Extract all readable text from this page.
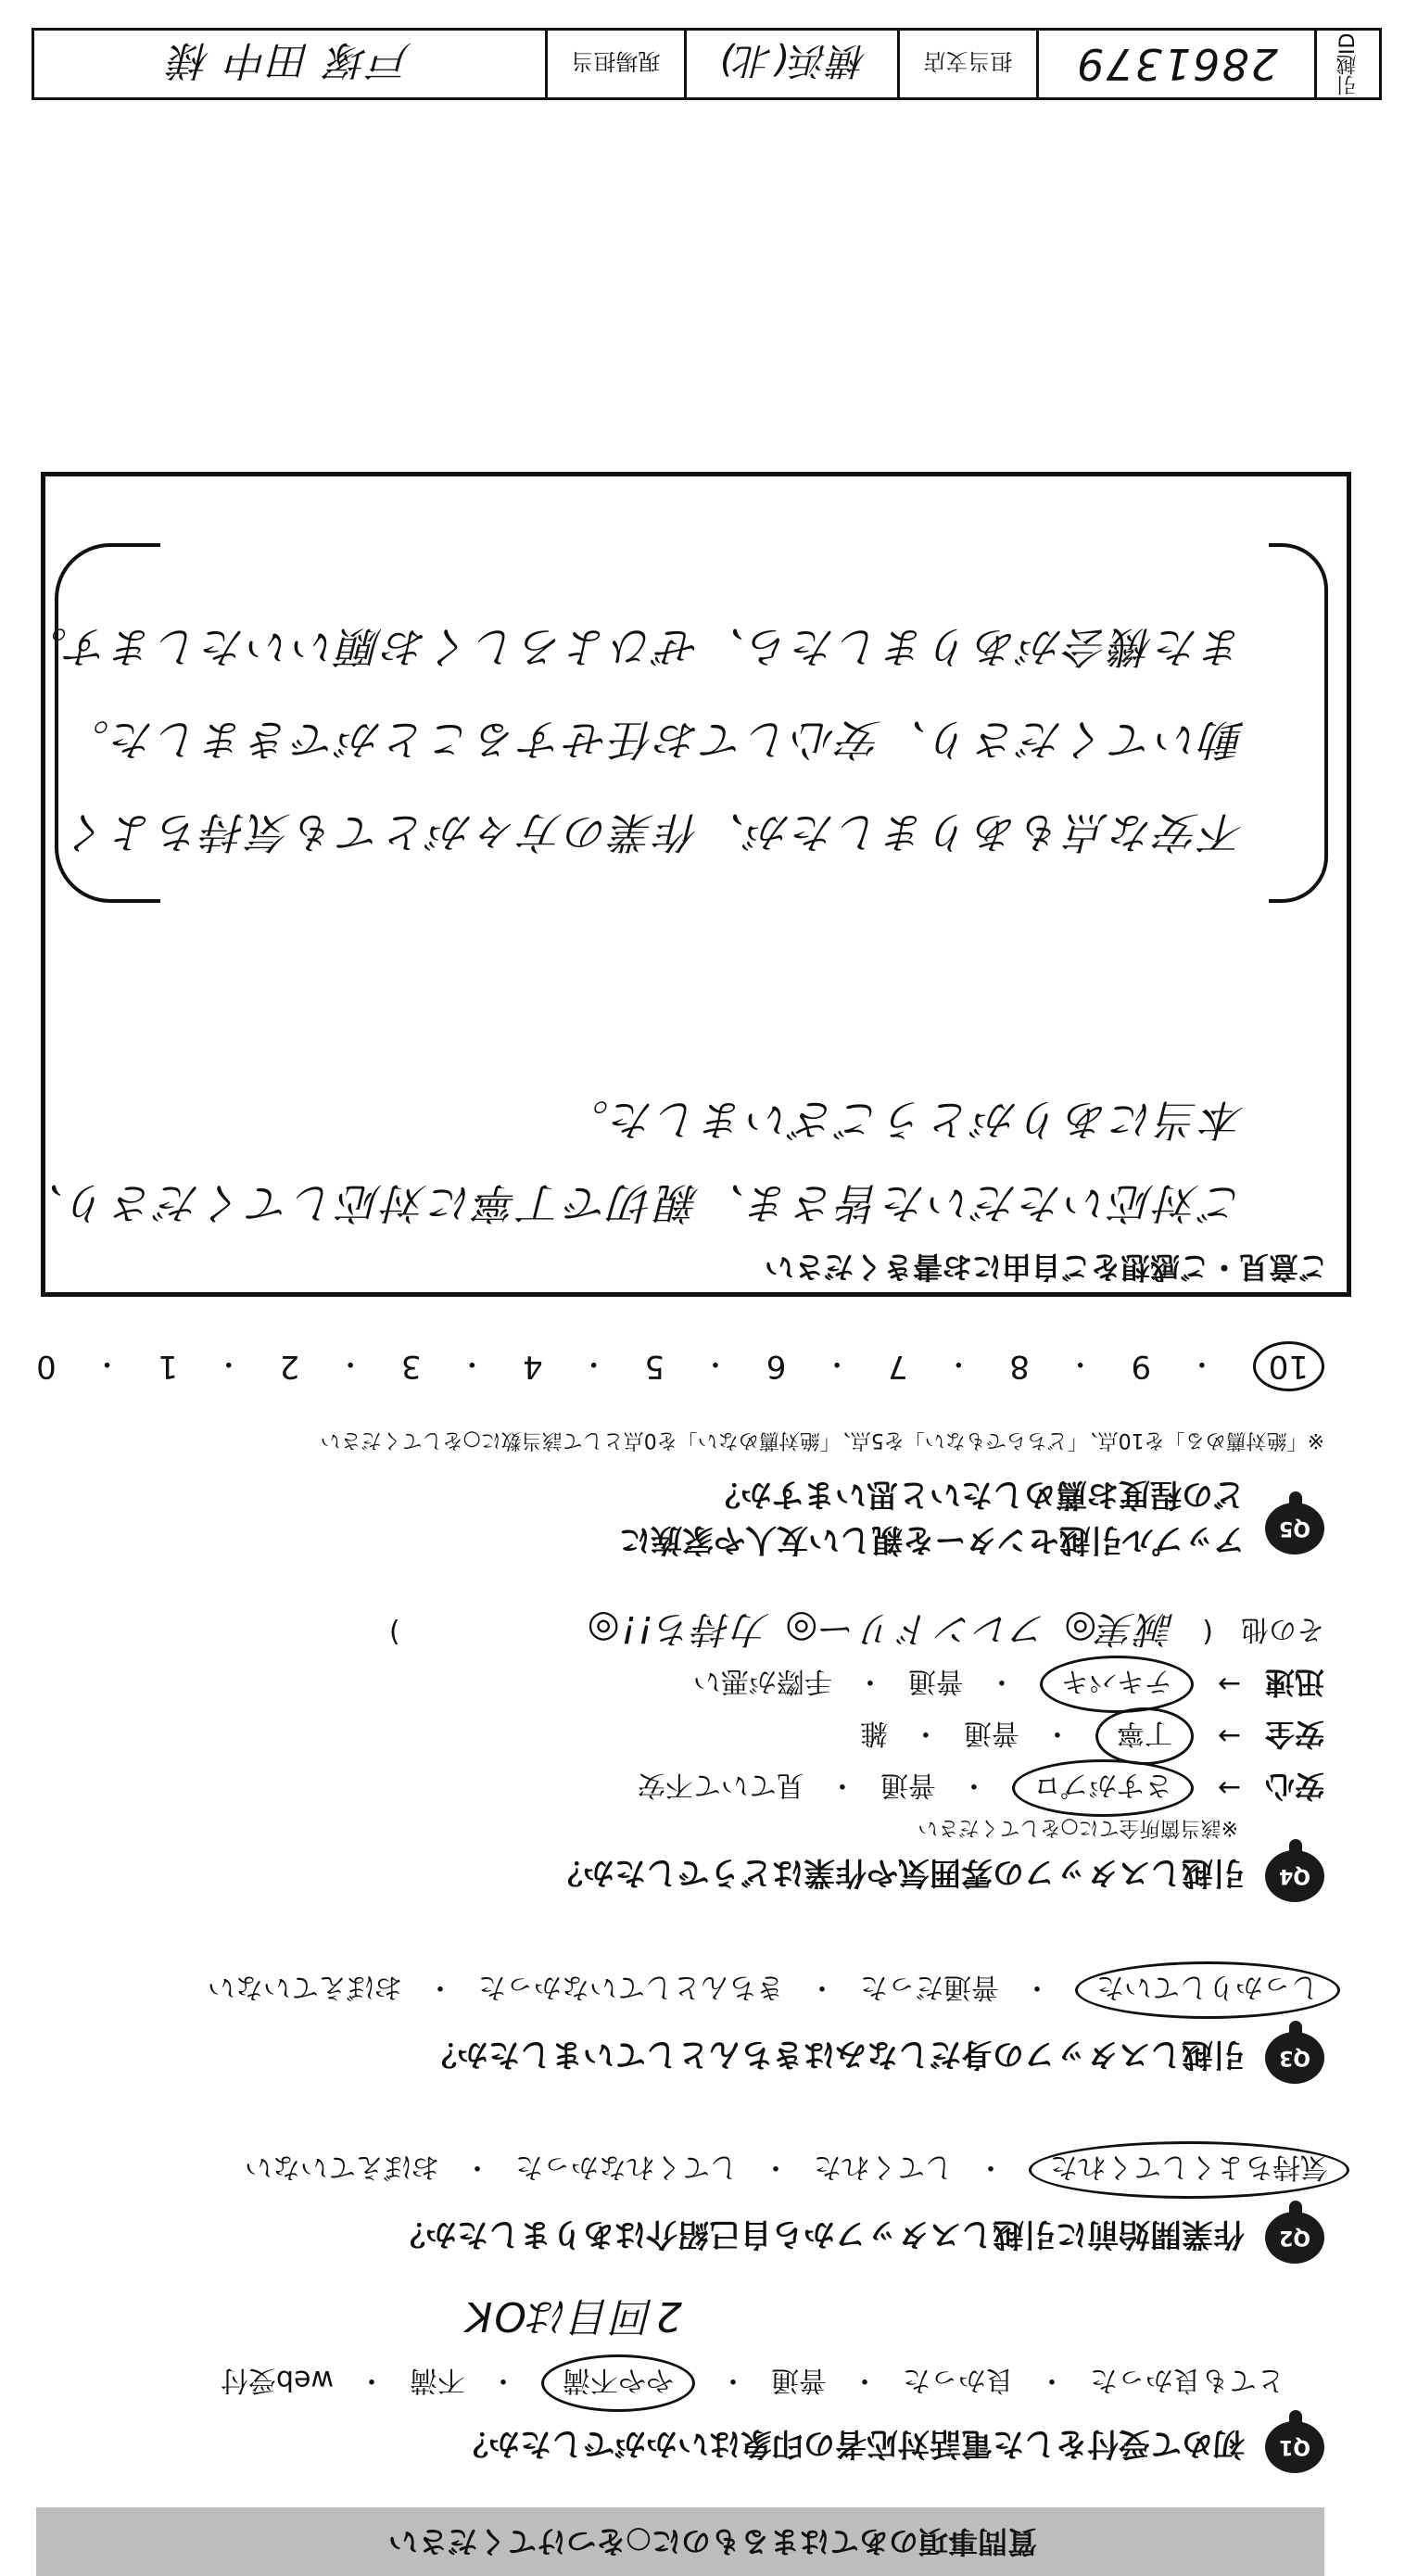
質問事項のあてはまるものに○をつけてください
Q1
初めて受付をした電話対応者の印象はいかがでしたか？
とても良かった
・
良かった
・
普通
・
やや不満
・
不満
・
web受付
2回目はOK
Q2
作業開始前に引越しスタッフから自己紹介はありましたか？
気持ちよくしてくれた
・
してくれた
・
してくれなかった
・
おぼえていない
Q3
引越しスタッフの身だしなみはきちんとしていましたか？
しっかりしていた
・
普通だった
・
きちんとしていなかった
・
おぼえていない
Q4
引越しスタッフの雰囲気や作業はどうでしたか？
※該当箇所全てに○をしてください
安心
→
さすがプロ
・
普通
・
見ていて不安
安全
→
丁寧
・
普通
・
雑
迅速
→
テキパキ
・
普通
・
手際が悪い
その他
(
誠実◎ フレンドリー◎ 力持ち!!◎
)
Q5
アップル引越センターを親しい友人や家族に
どの程度お薦めしたいと思いますか？
※「絶対薦める」を10点、「どちらでもない」を5点、「絶対薦めない」を0点として該当数に○をしてください
10
・
9
・
8
・
7
・
6
・
5
・
4
・
3
・
2
・
1
・
0
ご意見・ご感想をご自由にお書きください
ご対応いただいた皆さま、親切で丁寧に対応してくださり、
本当にありがとうございました。
不安な点もありましたが、作業の方々がとても気持ちよく
動いてくださり、安心してお任せすることができました。
また機会がありましたら、ぜひよろしくお願いいたします。
引越ID
2861379
担当支店
横浜(北)
現場担当
戸塚 田中 様
